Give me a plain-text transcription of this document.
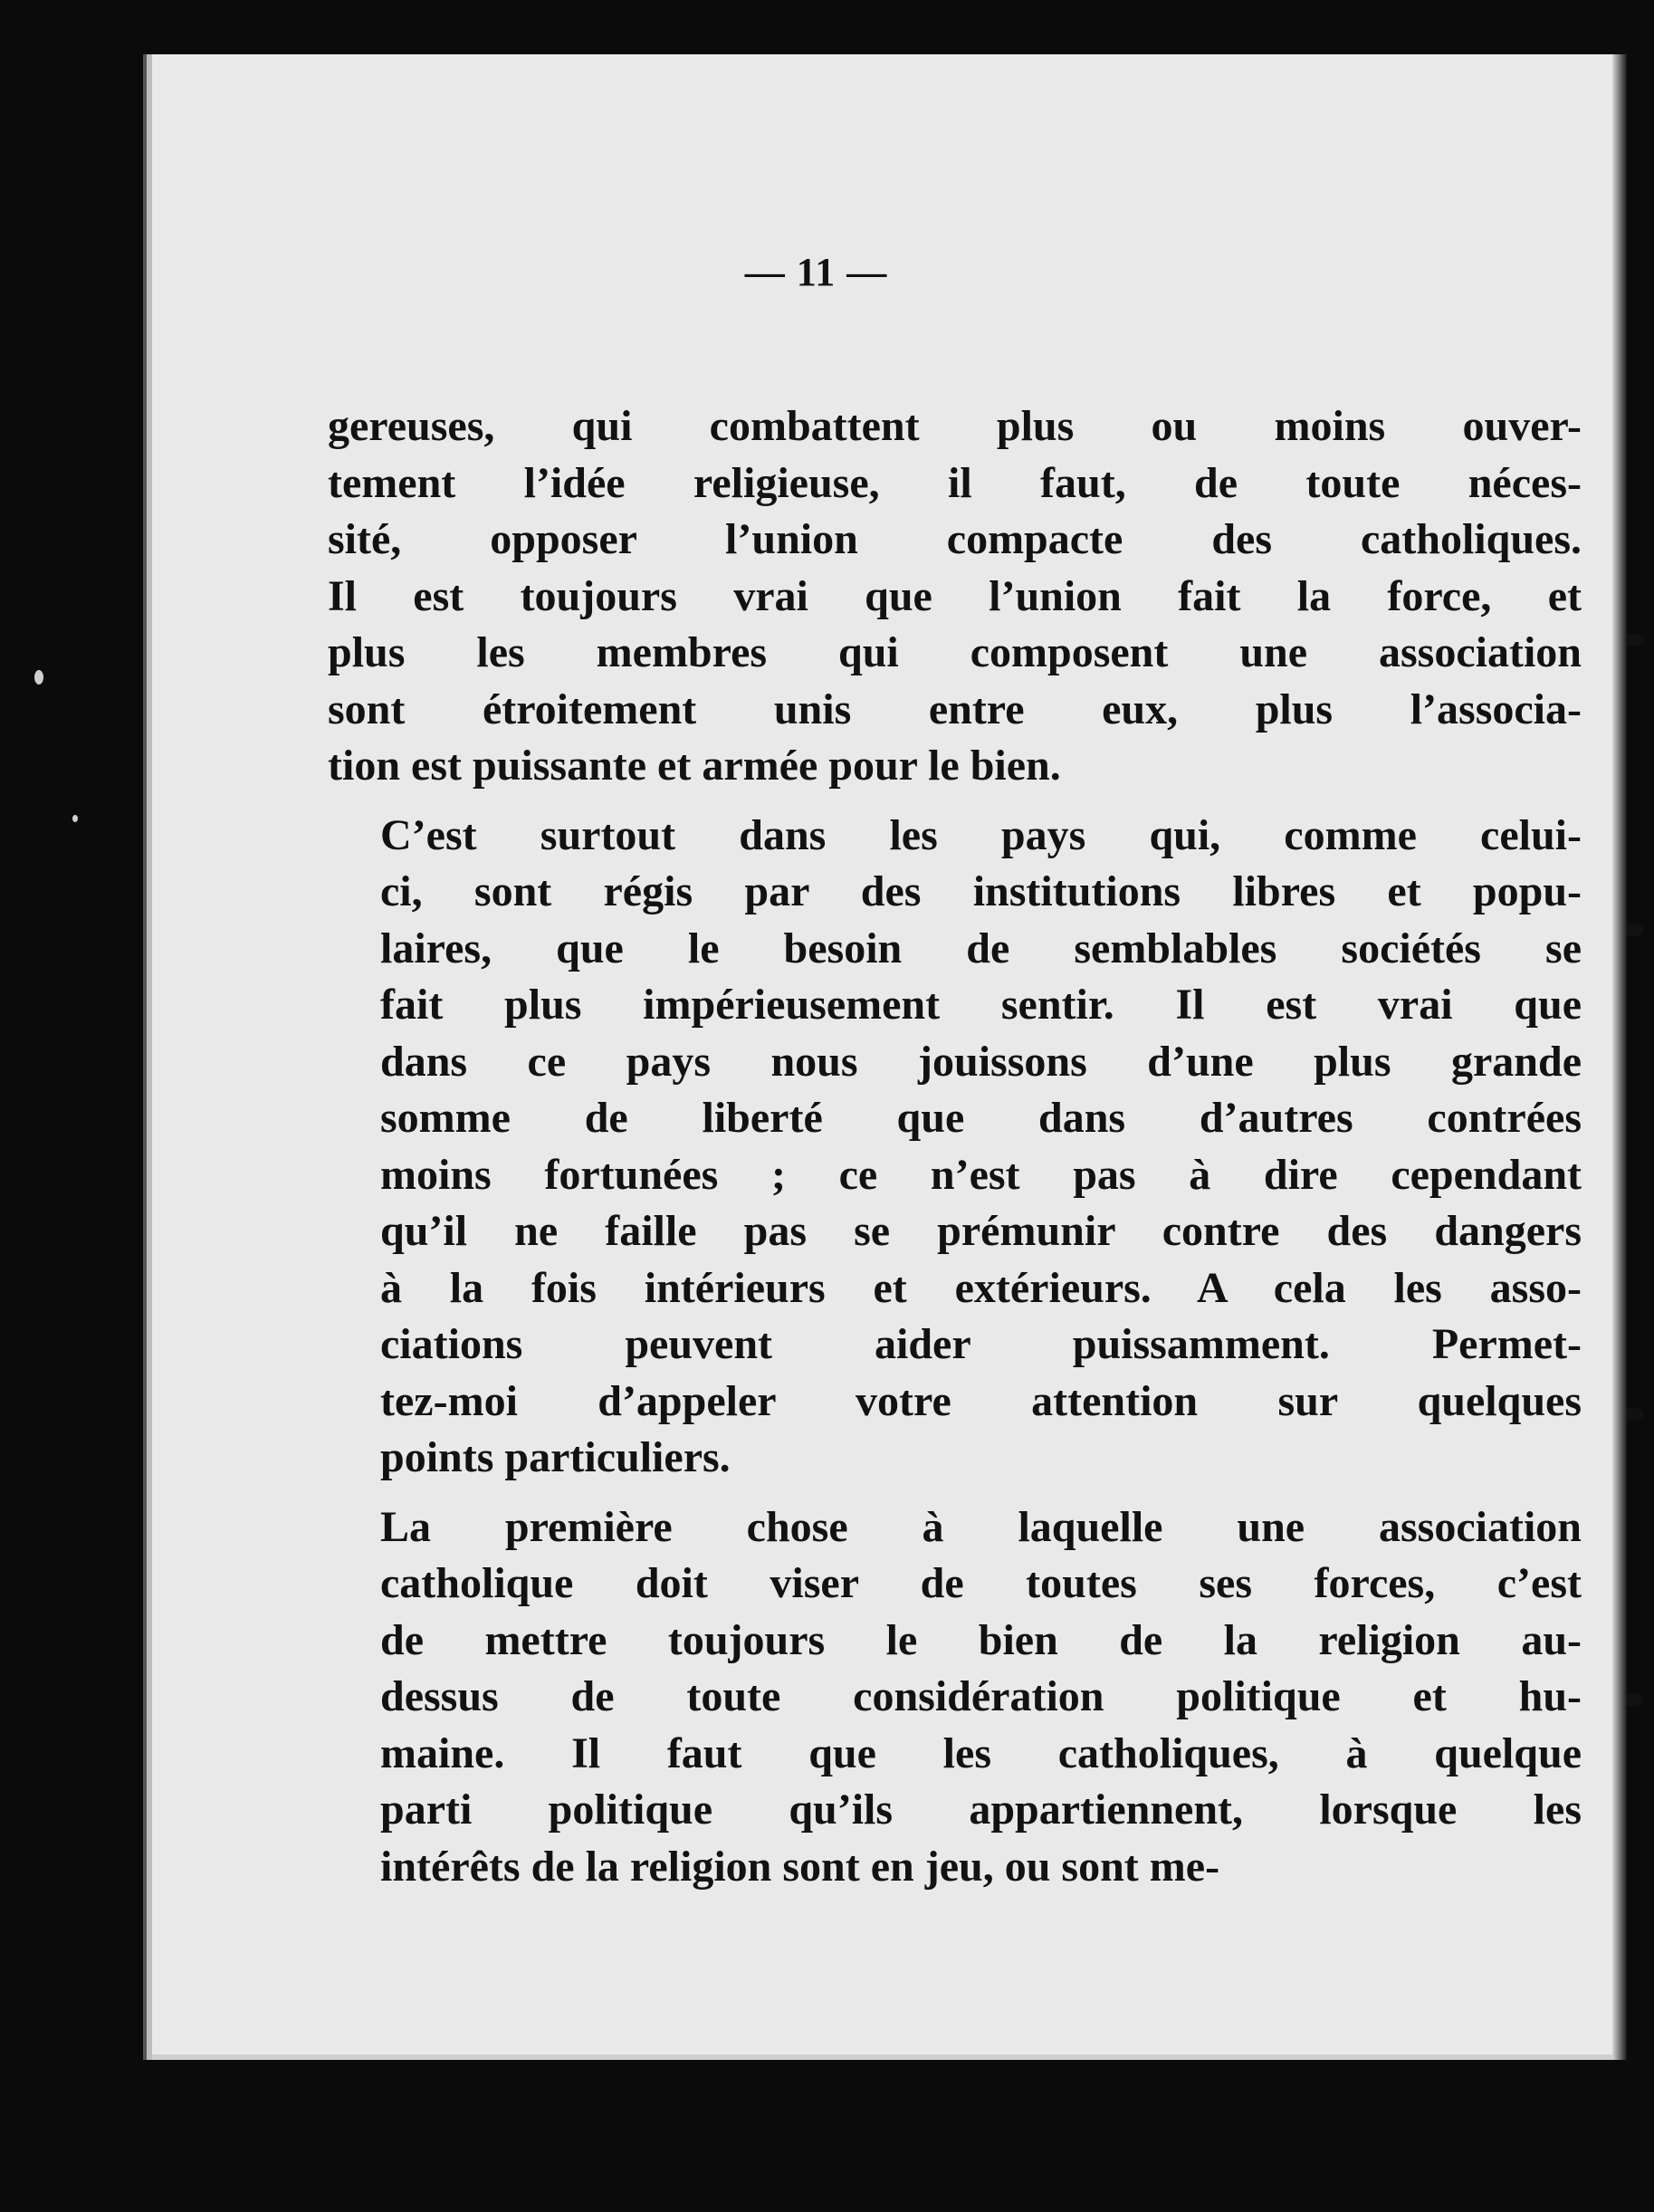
— 11 —

gereuses, qui combattent plus ou moins ouver-
tement l’idée religieuse, il faut, de toute néces-
sité, opposer l’union compacte des catholiques.
Il est toujours vrai que l’union fait la force, et
plus les membres qui composent une association
sont étroitement unis entre eux, plus l’associa-
tion est puissante et armée pour le bien.

C’est surtout dans les pays qui, comme celui-
ci, sont régis par des institutions libres et popu-
laires, que le besoin de semblables sociétés se
fait plus impérieusement sentir. Il est vrai que
dans ce pays nous jouissons d’une plus grande
somme de liberté que dans d’autres contrées
moins fortunées ; ce n’est pas à dire cependant
qu’il ne faille pas se prémunir contre des dangers
à la fois intérieurs et extérieurs. A cela les asso-
ciations peuvent aider puissamment. Permet-
tez-moi d’appeler votre attention sur quelques
points particuliers.

La première chose à laquelle une association
catholique doit viser de toutes ses forces, c’est
de mettre toujours le bien de la religion au-
dessus de toute considération politique et hu-
maine. Il faut que les catholiques, à quelque
parti politique qu’ils appartiennent, lorsque les
intérêts de la religion sont en jeu, ou sont me-
